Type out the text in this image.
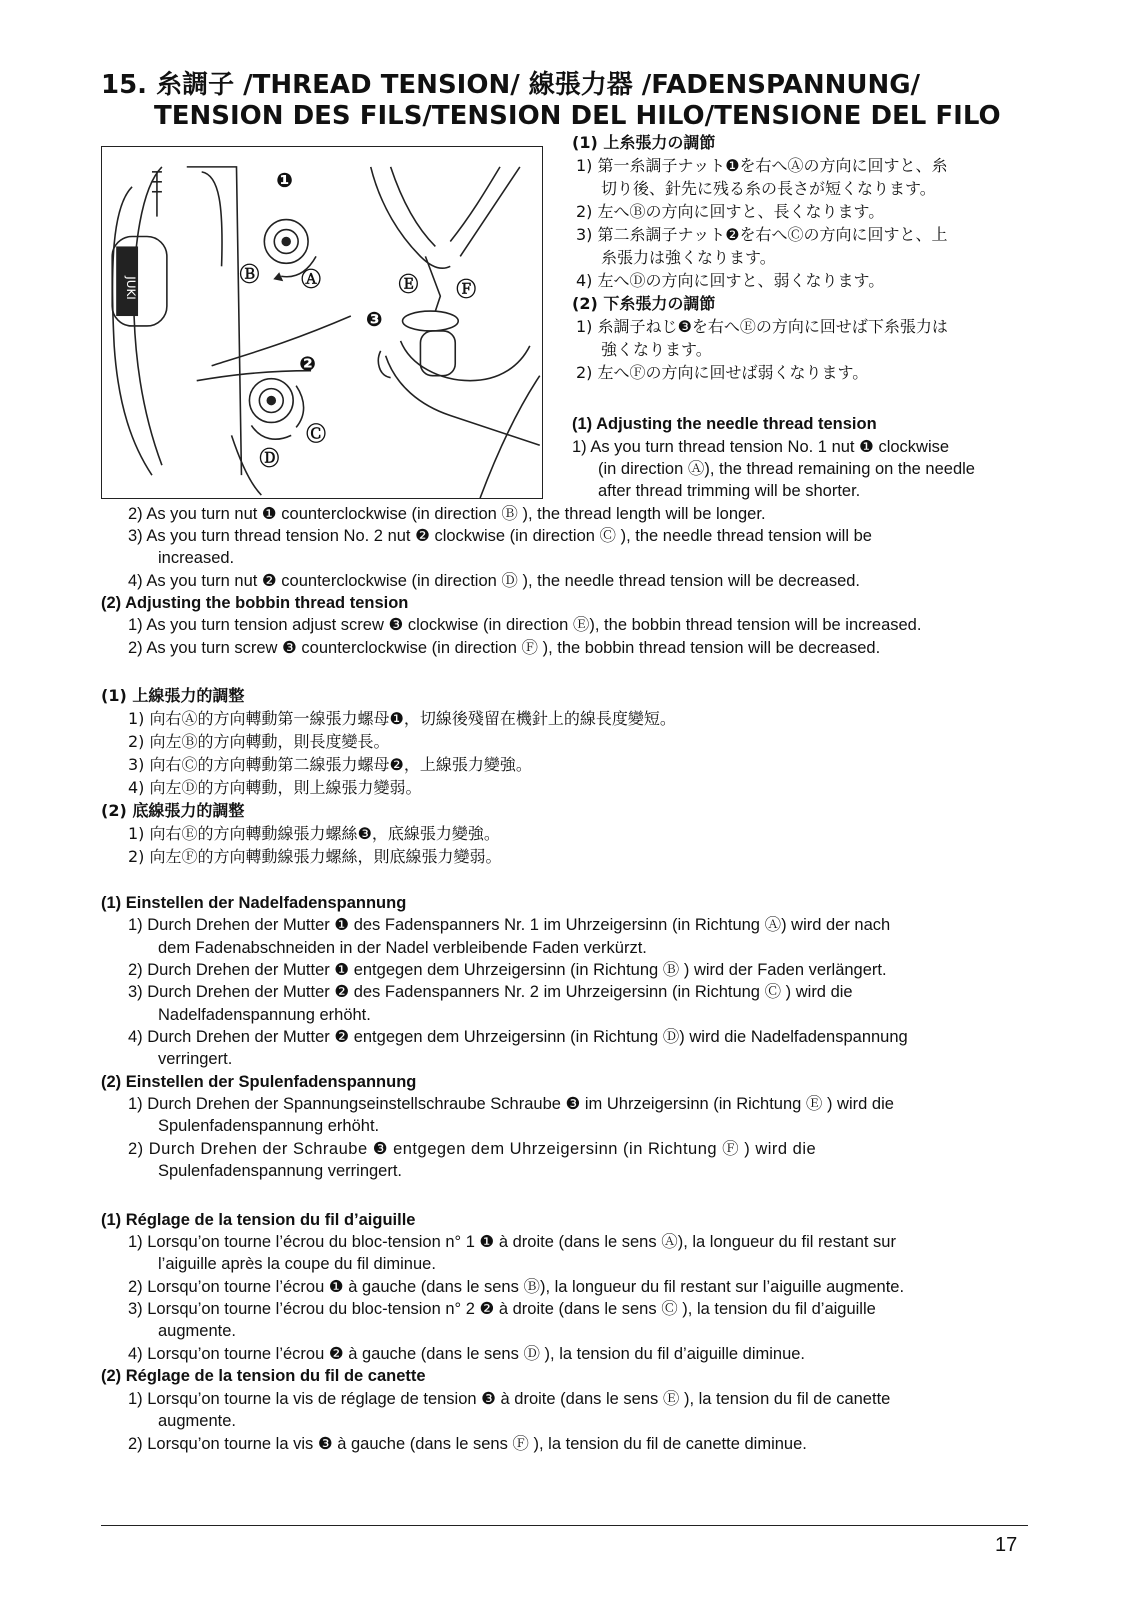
15. 糸調子 /THREAD TENSION/ 線張力器 /FADENSPANNUNG/
TENSION DES FILS/TENSION DEL HILO/TENSIONE DEL FILO
JUKI
❶
❷
❸
Ⓐ
Ⓑ
Ⓒ
Ⓓ
Ⓔ Ⓕ
(1) 上糸張力の調節
1) 第一糸調子ナット❶を右へⒶの方向に回すと、糸
切り後、針先に残る糸の長さが短くなります。
2) 左へⒷの方向に回すと、長くなります。
3) 第二糸調子ナット❷を右へⒸの方向に回すと、上
糸張力は強くなります。
4) 左へⒹの方向に回すと、弱くなります。
(2) 下糸張力の調節
1) 糸調子ねじ❸を右へⒺの方向に回せば下糸張力は
強くなります。
2) 左へⒻの方向に回せば弱くなります。
(1) Adjusting the needle thread tension
1) As you turn thread tension No. 1 nut ❶ clockwise
(in direction Ⓐ), the thread remaining on the needle
after thread trimming will be shorter.
2) As you turn nut ❶ counterclockwise (in direction Ⓑ ), the thread length will be longer.
3) As you turn thread tension No. 2 nut ❷ clockwise (in direction Ⓒ ), the needle thread tension will be
increased.
4) As you turn nut ❷ counterclockwise (in direction Ⓓ ), the needle thread tension will be decreased.
(2) Adjusting the bobbin thread tension
1) As you turn tension adjust screw ❸ clockwise (in direction Ⓔ), the bobbin thread tension will be increased.
2) As you turn screw ❸ counterclockwise (in direction Ⓕ ), the bobbin thread tension will be decreased.
(1) 上線張力的調整
1) 向右Ⓐ的方向轉動第一線張力螺母❶，切線後殘留在機針上的線長度變短。
2) 向左Ⓑ的方向轉動，則長度變長。
3) 向右Ⓒ的方向轉動第二線張力螺母❷，上線張力變強。
4) 向左Ⓓ的方向轉動，則上線張力變弱。
(2) 底線張力的調整
1) 向右Ⓔ的方向轉動線張力螺絲❸，底線張力變強。
2) 向左Ⓕ的方向轉動線張力螺絲，則底線張力變弱。
(1) Einstellen der Nadelfadenspannung
1) Durch Drehen der Mutter ❶ des Fadenspanners Nr. 1 im Uhrzeigersinn (in Richtung Ⓐ) wird der nach
dem Fadenabschneiden in der Nadel verbleibende Faden verkürzt.
2) Durch Drehen der Mutter ❶ entgegen dem Uhrzeigersinn (in Richtung Ⓑ ) wird der Faden verlängert.
3) Durch Drehen der Mutter ❷ des Fadenspanners Nr. 2 im Uhrzeigersinn (in Richtung Ⓒ ) wird die
Nadelfadenspannung erhöht.
4) Durch Drehen der Mutter ❷ entgegen dem Uhrzeigersinn (in Richtung Ⓓ) wird die Nadelfadenspannung
verringert.
(2) Einstellen der Spulenfadenspannung
1) Durch Drehen der Spannungseinstellschraube Schraube ❸ im Uhrzeigersinn (in Richtung Ⓔ ) wird die
Spulenfadenspannung erhöht.
2) Durch Drehen der Schraube ❸ entgegen dem Uhrzeigersinn (in Richtung Ⓕ ) wird die
Spulenfadenspannung verringert.
(1) Réglage de la tension du fil d’aiguille
1) Lorsqu’on tourne l’écrou du bloc-tension n° 1 ❶ à droite (dans le sens Ⓐ), la longueur du fil restant sur
l’aiguille après la coupe du fil diminue.
2) Lorsqu’on tourne l’écrou ❶ à gauche (dans le sens Ⓑ), la longueur du fil restant sur l’aiguille augmente.
3) Lorsqu’on tourne l’écrou du bloc-tension n° 2 ❷ à droite (dans le sens Ⓒ ), la tension du fil d’aiguille
augmente.
4) Lorsqu’on tourne l’écrou ❷ à gauche (dans le sens Ⓓ ), la tension du fil d’aiguille diminue.
(2) Réglage de la tension du fil de canette
1) Lorsqu’on tourne la vis de réglage de tension ❸ à droite (dans le sens Ⓔ ), la tension du fil de canette
augmente.
2) Lorsqu’on tourne la vis ❸ à gauche (dans le sens Ⓕ ), la tension du fil de canette diminue.
17
